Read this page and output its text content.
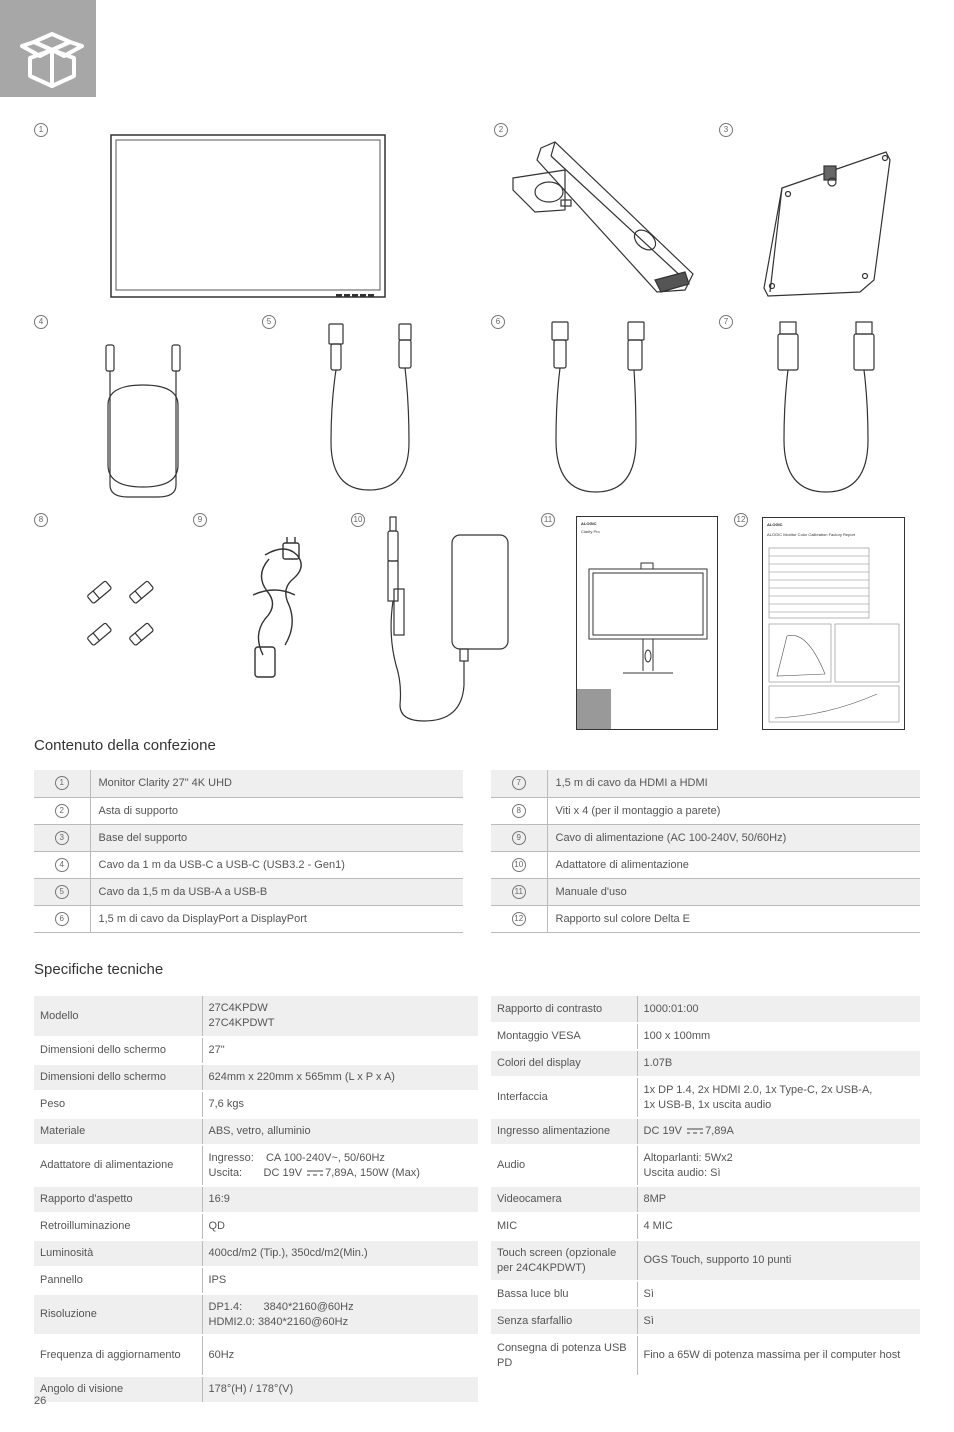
1	2	3
4	5	6	7
8	9	10	11	12
ALOGIC
Clarity Pro
ALOGIC
ALOGIC Monitor Color Calibration Factory Report
Contenuto della confezione
1	Monitor Clarity 27" 4K UHD
2	Asta di supporto
3	Base del supporto
4	Cavo da 1 m da USB-C a USB-C (USB3.2 - Gen1)
5	Cavo da 1,5 m da USB-A a USB-B
6	1,5 m di cavo da DisplayPort a DisplayPort
7	1,5 m di cavo da HDMI a HDMI
8	Viti x 4 (per il montaggio a parete)
9	Cavo di alimentazione (AC 100-240V, 50/60Hz)
10	Adattatore di alimentazione
11	Manuale d'uso
12	Rapporto sul colore Delta E
Specifiche tecniche
Modello	27C4KPDW
27C4KPDWT

Dimensioni dello schermo	27"

Dimensioni dello schermo	624mm x 220mm x 565mm (L x P x A)

Peso	7,6 kgs

Materiale	ABS, vetro, alluminio

Adattatore di alimentazione	Ingresso:    CA 100-240V~, 50/60Hz
Uscita:       DC 19V 7,89A, 150W (Max)

Rapporto d'aspetto	16:9

Retroilluminazione	QD

Luminosità	400cd/m2 (Tip.), 350cd/m2(Min.)

Pannello	IPS

Risoluzione	DP1.4:       3840*2160@60Hz
HDMI2.0: 3840*2160@60Hz

Frequenza di aggiornamento	60Hz

Angolo di visione	178°(H) / 178°(V)
Rapporto di contrasto	1000:01:00

Montaggio VESA	100 x 100mm

Colori del display	1.07B

Interfaccia	1x DP 1.4, 2x HDMI 2.0, 1x Type-C, 2x USB-A,
1x USB-B, 1x uscita audio

Ingresso alimentazione	DC 19V 7,89A

Audio	Altoparlanti: 5Wx2
Uscita audio: Sì

Videocamera	8MP

MIC	4 MIC

Touch screen (opzionale per 24C4KPDWT)	OGS Touch, supporto 10 punti

Bassa luce blu	Sì

Senza sfarfallio	Sì

Consegna di potenza USB PD	Fino a 65W di potenza massima per il computer host
26
